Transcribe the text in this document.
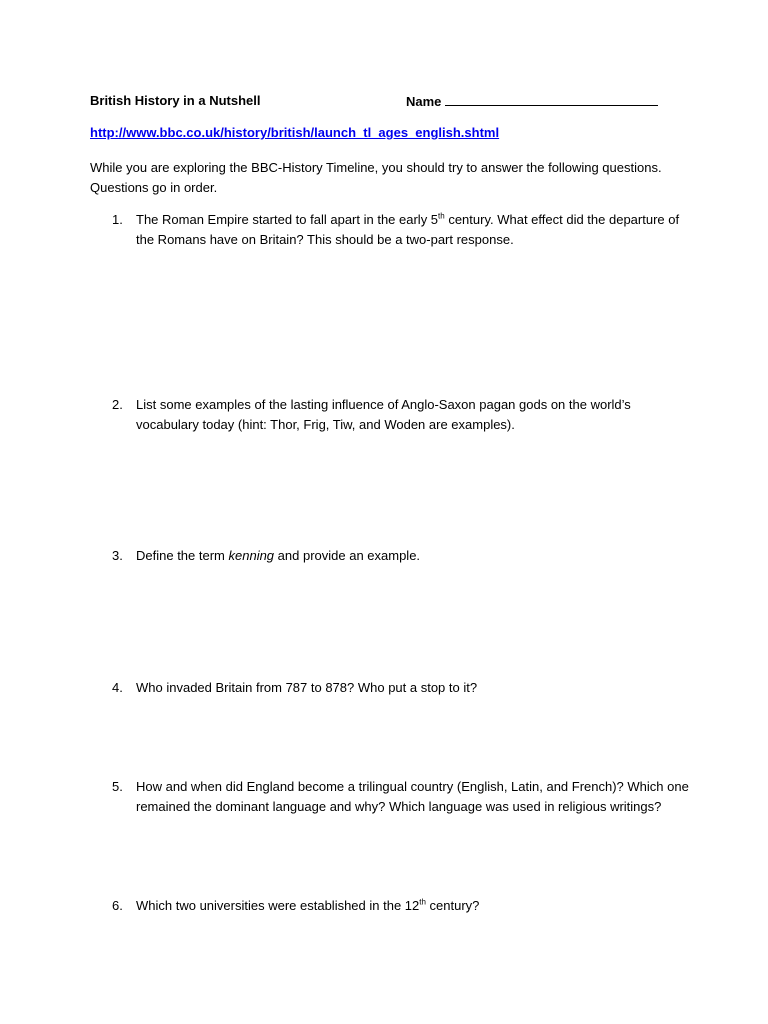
British History in a Nutshell	Name
http://www.bbc.co.uk/history/british/launch_tl_ages_english.shtml
While you are exploring the BBC-History Timeline, you should try to answer the following questions.
Questions go in order.
1. The Roman Empire started to fall apart in the early 5th century. What effect did the departure of
the Romans have on Britain? This should be a two-part response.
2. List some examples of the lasting influence of Anglo-Saxon pagan gods on the world’s
vocabulary today (hint: Thor, Frig, Tiw, and Woden are examples).
3. Define the term kenning and provide an example.
4. Who invaded Britain from 787 to 878? Who put a stop to it?
5. How and when did England become a trilingual country (English, Latin, and French)? Which one
remained the dominant language and why? Which language was used in religious writings?
6. Which two universities were established in the 12th century?
